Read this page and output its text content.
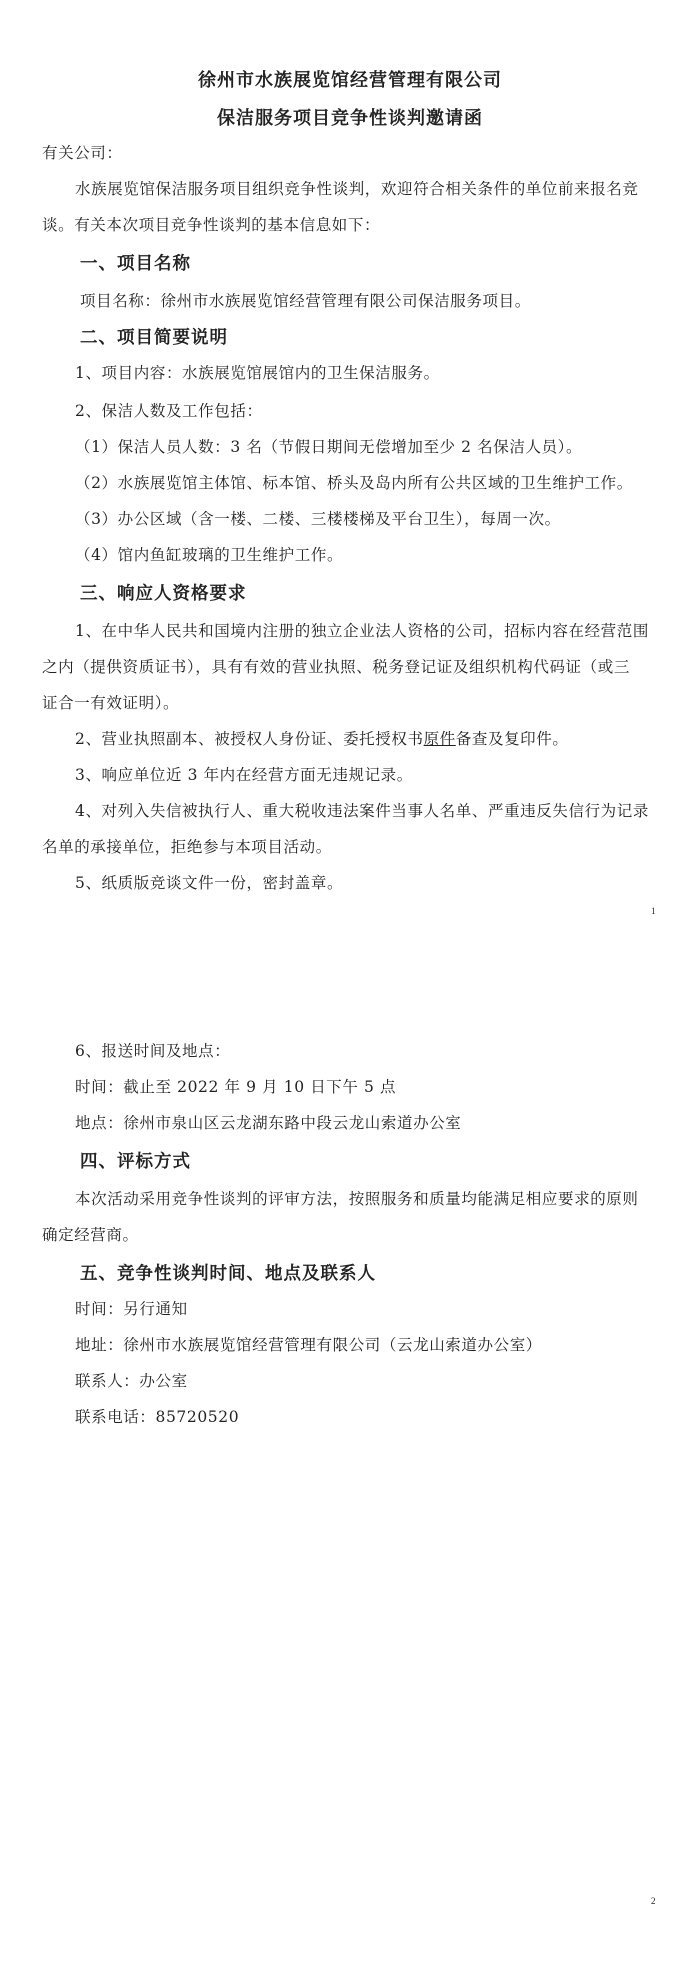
徐州市水族展览馆经营管理有限公司
保洁服务项目竞争性谈判邀请函
有关公司：
水族展览馆保洁服务项目组织竞争性谈判，欢迎符合相关条件的单位前来报名竞
谈。有关本次项目竞争性谈判的基本信息如下：
一、项目名称
项目名称：徐州市水族展览馆经营管理有限公司保洁服务项目。
二、项目简要说明
1、项目内容：水族展览馆展馆内的卫生保洁服务。
2、保洁人数及工作包括：
（1）保洁人员人数：3 名（节假日期间无偿增加至少 2 名保洁人员）。
（2）水族展览馆主体馆、标本馆、桥头及岛内所有公共区域的卫生维护工作。
（3）办公区域（含一楼、二楼、三楼楼梯及平台卫生），每周一次。
（4）馆内鱼缸玻璃的卫生维护工作。
三、响应人资格要求
1、在中华人民共和国境内注册的独立企业法人资格的公司，招标内容在经营范围
之内（提供资质证书），具有有效的营业执照、税务登记证及组织机构代码证（或三
证合一有效证明）。
2、营业执照副本、被授权人身份证、委托授权书原件备查及复印件。
3、响应单位近 3 年内在经营方面无违规记录。
4、对列入失信被执行人、重大税收违法案件当事人名单、严重违反失信行为记录
名单的承接单位，拒绝参与本项目活动。
5、纸质版竞谈文件一份，密封盖章。
1
6、报送时间及地点：
时间：截止至 2022 年 9 月 10 日下午 5 点
地点：徐州市泉山区云龙湖东路中段云龙山索道办公室
四、评标方式
本次活动采用竞争性谈判的评审方法，按照服务和质量均能满足相应要求的原则
确定经营商。
五、竞争性谈判时间、地点及联系人
时间：另行通知
地址：徐州市水族展览馆经营管理有限公司（云龙山索道办公室）
联系人：办公室
联系电话：85720520
2
